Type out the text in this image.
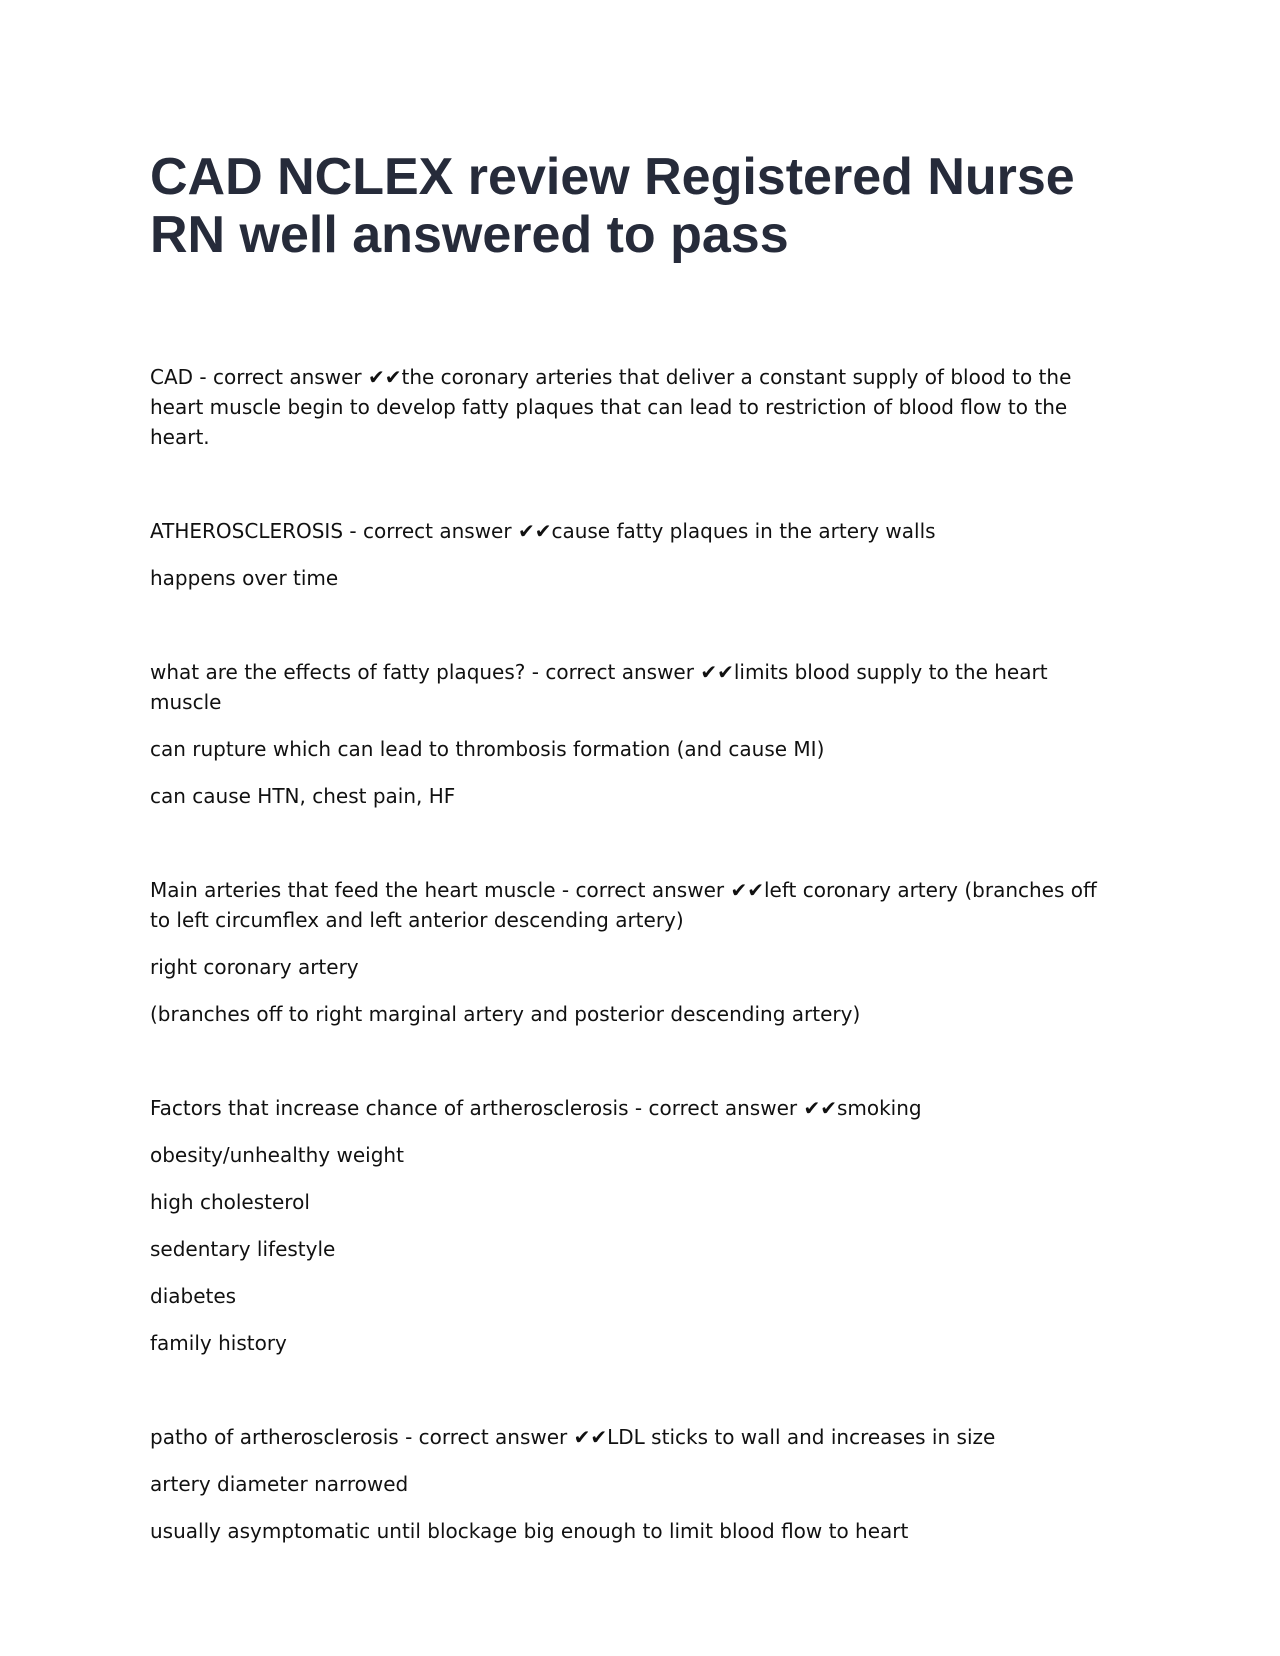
CAD NCLEX review Registered Nurse RN well answered to pass

CAD - correct answer ✔✔the coronary arteries that deliver a constant supply of blood to the heart muscle begin to develop fatty plaques that can lead to restriction of blood flow to the heart.

ATHEROSCLEROSIS - correct answer ✔✔cause fatty plaques in the artery walls

happens over time

what are the effects of fatty plaques? - correct answer ✔✔limits blood supply to the heart muscle

can rupture which can lead to thrombosis formation (and cause MI)

can cause HTN, chest pain, HF

Main arteries that feed the heart muscle - correct answer ✔✔left coronary artery (branches off to left circumflex and left anterior descending artery)

right coronary artery

(branches off to right marginal artery and posterior descending artery)

Factors that increase chance of artherosclerosis - correct answer ✔✔smoking

obesity/unhealthy weight

high cholesterol

sedentary lifestyle

diabetes

family history

patho of artherosclerosis - correct answer ✔✔LDL sticks to wall and increases in size

artery diameter narrowed

usually asymptomatic until blockage big enough to limit blood flow to heart
